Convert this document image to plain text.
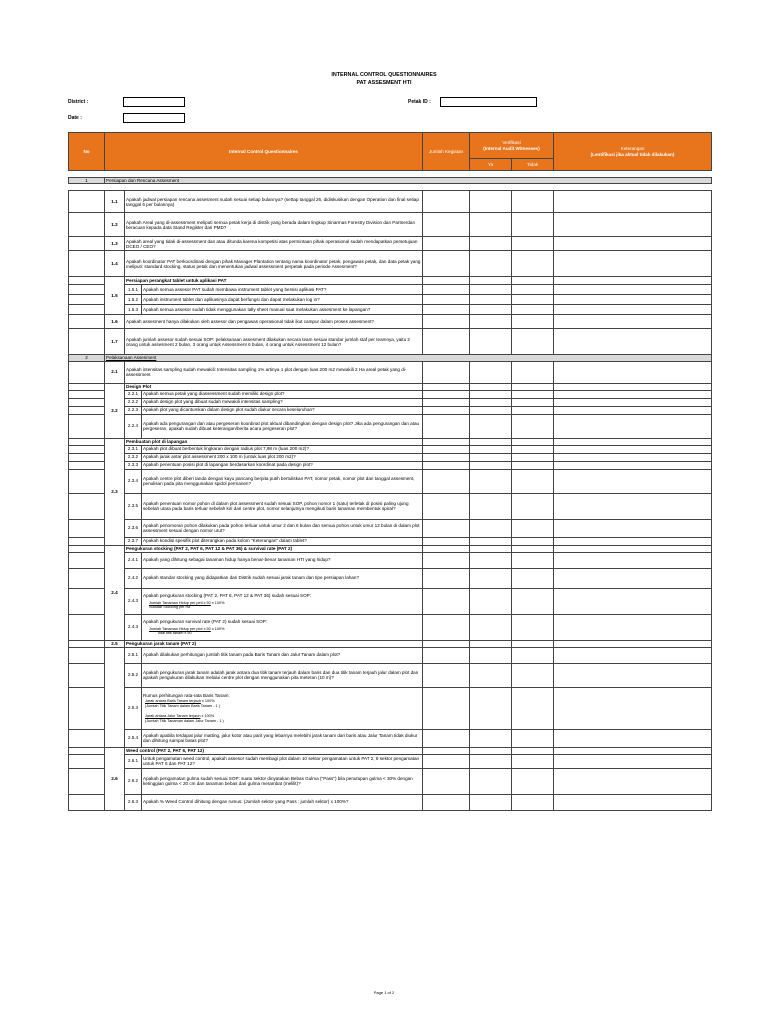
INTERNAL CONTROL QUESTIONNAIRES
PAT ASSESMENT HTI
District :
Date :
Petak ID :
No	Internal Control Questionnaires			Jumlah Kegiatan	Verifikasi
(Internal Audit Witnesses)		Keterangan
(Lentifikasi jika aktual tidak dilakukan)
					Ya	Tidak	

1	Persiapan dan Rencana Assesment						

	1.1	Apakah jadwal persiapan rencana assesment sudah sesuai setiap bulannya? (settap tanggal 26, didiskusikan dengan Operation dan final setiap tanggal 6 per bulannya)					
	1.2	Apakah Areal yang di-assessment meliputi semua petak kerja di distrik yang berada dalam lingkup Sinarmas Forestry Division dan Partnerdan beracuan kepada data Stand Register dari PMD?					
	1.3	Apakah areal yang tidak di-assessment dan atau ditunda karena kompetisi atas permintaan pihak operasional sudah mendapatkan persetujuan DCEO / CEO?					
	1.4	Apakah koordinator PAT berkoordinasi dengan pihak Manager Plantation tentang nama koordinator petak, pengawas petak, dan data petak yang meliputi: standard stocking, status petak dan menentukan jadwal assessment perpetak pada periode Assesment?					
	1.5	Persiapan perangkat tablet untuk aplikasi PAT					
		1.5.1	Apakah semua assesor PAT sudah membawa instrument tablet yang bersisi aplikasi PAT?				
		1.5.2	Apakah instrument tablet dan aplikasinya dapat berfungsi dan dapat melakukan log in?				
		1.5.3	Apakah semua assesor sudah tidak menggunakan tally sheet manual saat melakukan assesment ke lapangan?				
	1.6	Apakah assesment hanya dilakukan oleh assesor dan pengawas operasional tidak ikut campur dalam proses assesment?					
	1.7	Apakah jumlah assesor sudah sesuai SOP: pelaksanaan assesment dilakukan secara team sesuai standar jumlah staf per teamnya, yaitu 2 orang untuk assesment 2 bulan, 3 orang untuk Assessment 6 bulan, 4 orang untuk Assessment 12 bulan?					
2	Pelaksanaan Assesment						
	2.1	Apakah intensitas sampling sudah mewakili: Intensitas sampling 1% artinya 1 plot dengan luas 200 m2 mewakili 2 Ha areal petak yang di-assessment					
	2.2	Design Plot					
		2.2.1	Apakah semua petak yang diassessment sudah memiliki design plot?				
		2.2.2	Apakah design plot yang dibuat sudah mewakili intensitas sampling?				
		2.2.3	Apakah plot yang dicantumkan dalam design plot sudah diukur secara keseluruhan?				
		2.2.4	Apakah ada pengurangan dan atau pergeseran koordinat plot aktual dibandingkan dengan design plot? Jika ada pengurangan dan atau pergeseran, apakah sudah dibuat keterangan/berita acara pergeseran plot?				
	2.3	Pembuatan plot di lapangan					
		2.3.1	Apakah plot dibuat berbentuk lingkaran dengan radius plot 7,98 m (luas 200 m2)?				
		2.3.2	Apakah jarak antar plot assessment 200 x 100 m (untuk luas plot 200 m2)?				
		2.3.3	Apakah penentuan posisi plot di lapangan berdasarkan koordinat pada design plot?				
		2.3.4	Apakah centre plot diberi tanda dengan kayu pancang berpita putih bertuliskan PAT, nomor petak, nomor plot dan tanggal assesment, penulisan pada pita menggunakan spidol permanen?				
		2.3.5	Apakah penentuan nomor pohon di dalam plot assessment sudah sesuai SOP, pohon nomor 1 (satu) terletak di posisi paling ujung sebelah utara pada baris terluar sebelah kiri dari centre plot, nomor selanjutnya mengikuti baris tanaman membentuk spiral?				
		2.3.6	Apakah penomoran pohon dilakukan pada pohon terluar untuk umur 2 dan 6 bulan dan semua pohon untuk umur 12 bulan di dalam plot assessment sesuai dengan nomor urut?				
		2.3.7	Apakah kondisi spesifik plot diterangkan pada kolom "Keterangan" dalam tablet?				
	2.4	Pengukuran stocking (PAT 2, PAT 6, PAT 12 & PAT 36) & survival rate (PAT 2)					
		2.4.1	Apakah yang dihitung sebagai tanaman hidup hanya benar-benar tanaman HTI yang hidup?				
		2.4.2	Apakah standar stocking yang didapatkan dari Distrik sudah sesuai jarak tanam dan tipe persiapan lahan?				
		2.4.3	Apakah pengukuran stocking (PAT 2, PAT 6, PAT 12 & PAT 36) sudah sesuai SOP:
Jumlah Tanaman Hidup per petl x 50 x 100%
Standar Stocking per Ha				

		2.4.3	Apakah pengukuran survival rate (PAT 2) sudah sesuai SOP:
Jumlah Tanaman Hidup per plot x 50 x 100%
Total titik tanam x 50				

	2.5	Pengukuran jarak tanam (PAT 2)					
		2.5.1	Apakah dilakukan perhitungan jumlah titik tanam pada Baris Tanam dan Jalur Tanam dalam plot?				
		2.5.2	Apakah pengukuran jarak tanam adalah jarak antara dua titik tanam terjauh dalam baris dan dua titik tanam terjauh jalur dalam plot dan apakah pengukuran dilakukan melalui centre plot dengan menggunakan pita meteran (10 m)?				
		2.5.3	Rumus perhitungan rata-rata Baris Tanam:
Jarak antara Baris Tanam terjauh x 100%
(Jumlah Titik Tanam dalam Baris Tanam - 1 )
Jarak antara Jalur Tanam terjauh x 100%
(Jumlah Titik Tanaman dalam Jalur Tanam - 1 )				

		2.5.4	Apakah apabila terdapat jalur matting, jalur kotor atau parit yang lebarnya melebihi jarak tanam dari baris atau Jalur Tanam tidak diukur dan dihitung sampai batas plot?				
	2.6	Weed control (PAT 2, PAT 6, PAT 12)					
		2.6.1	Untuk pengamatan weed control, apakah assesor sudah membagi plot dalam 10 sektor pengamatan untuk PAT 2; 8 sektor pengamatan untuk PAT 6 dan PAT 12?				
		2.6.2	Apakah pengamatan gulma sudah sesuai SOP: suatu sektor dinyatakan Bebas Gulma ("Pass") bila penutupan gulma < 30% dengan ketinggian gulma < 20 cm dan tanaman bebas dari gulma merambat (melilit)?				
		2.6.3	Apakah % Weed Control dihitung dengan rumus: (Jumlah sektor yang Pass : jumlah sektor) x 100%?				
Page 1 of 2
